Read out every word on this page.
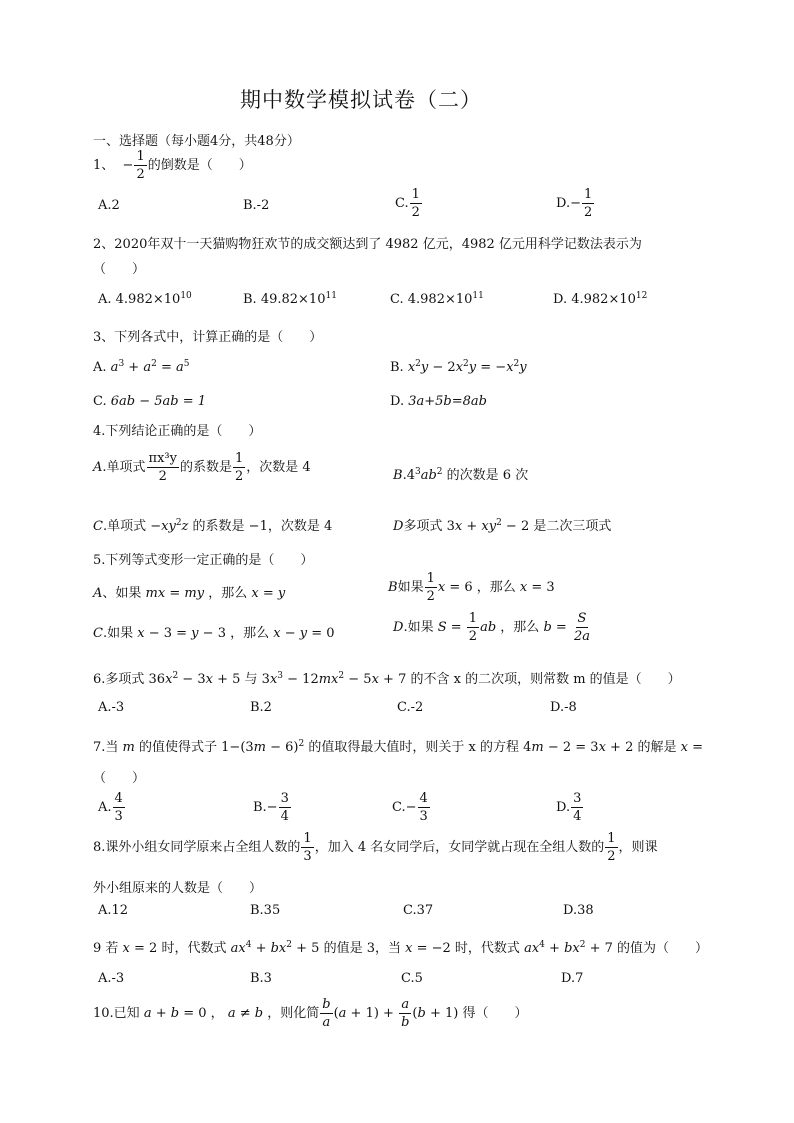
期中数学模拟试卷（二）
一、选择题（每小题4分，共48分）
1、  − $\frac{1}{2}$ 的倒数是（　　）
A.2	B.-2	C. $\frac{1}{2}$	$D.- \frac{1}{2}$
2、2020年双十一天猫购物狂欢节的成交额达到了 4982 亿元，4982 亿元用科学记数法表示为
（　　）
A. $4.982\times 10^{10}$	B. $49.82\times 10^{11}$	C. $4.982\times 10^{11}$	D. $4.982\times 10^{12}$
3、下列各式中，计算正确的是（　　）
A. $a^3 + a^2 = a^5$	B. $x^2y - 2x^2y = -x^2y$
C. 6ab − 5ab = 1	D. 3a+5b=8ab
4.下列结论正确的是（　　）
A.单项式 $\frac{\text{πx³y}}{2}$ 的系数是 $\frac{1}{2}$ ，次数是 4
$B.4^3ab^2$ 的次数是 6 次
C.单项式 $-xy^2z$ 的系数是 −1，次数是 4	D多项式 $3x + xy^2 - 2$ 是二次三项式
5.下列等式变形一定正确的是（　　）
A、如果 mx = my ，那么 x = y	B如果 $\frac{1}{2}$ x = 6 ，那么 x = 3
C.如果 x − 3 = y − 3 ，那么 x − y = 0	D.如果 $S = \frac{1}{2}$ ab ，那么 $b = \frac{S}{2a}$
6.多项式 $36x^2 - 3x + 5$ 与 $3x^3 - 12mx^2 - 5x + 7$ 的不含 x 的二次项，则常数 m 的值是（　　）
A.-3	B.2	C.-2	D.-8
7.当 m 的值使得式子 $1-(3m - 6)^2$ 的值取得最大值时，则关于 x 的方程 4m − 2 = 3x + 2 的解是 x =
（　　）
A. $\frac{4}{3}$	$B.- \frac{3}{4}$	$C.- \frac{4}{3}$	D. $\frac{3}{4}$
8.课外小组女同学原来占全组人数的 $\frac{1}{3}$ ，加入 4 名女同学后，女同学就占现在全组人数的 $\frac{1}{2}$ ，则课
外小组原来的人数是（　　）
A.12	B.35	C.37	D.38
9 若 x = 2 时，代数式 $ax^4 + bx^2 + 5$ 的值是 3，当 x = −2 时，代数式 $ax^4 + bx^2 + 7$ 的值为（　　）
A.-3	B.3	C.5	D.7
10.已知 a + b = 0 ， a ≠ b ，则化简 $\frac{b}{a} (a + 1) + \frac{a}{b} (b + 1)$ 得（　　）
